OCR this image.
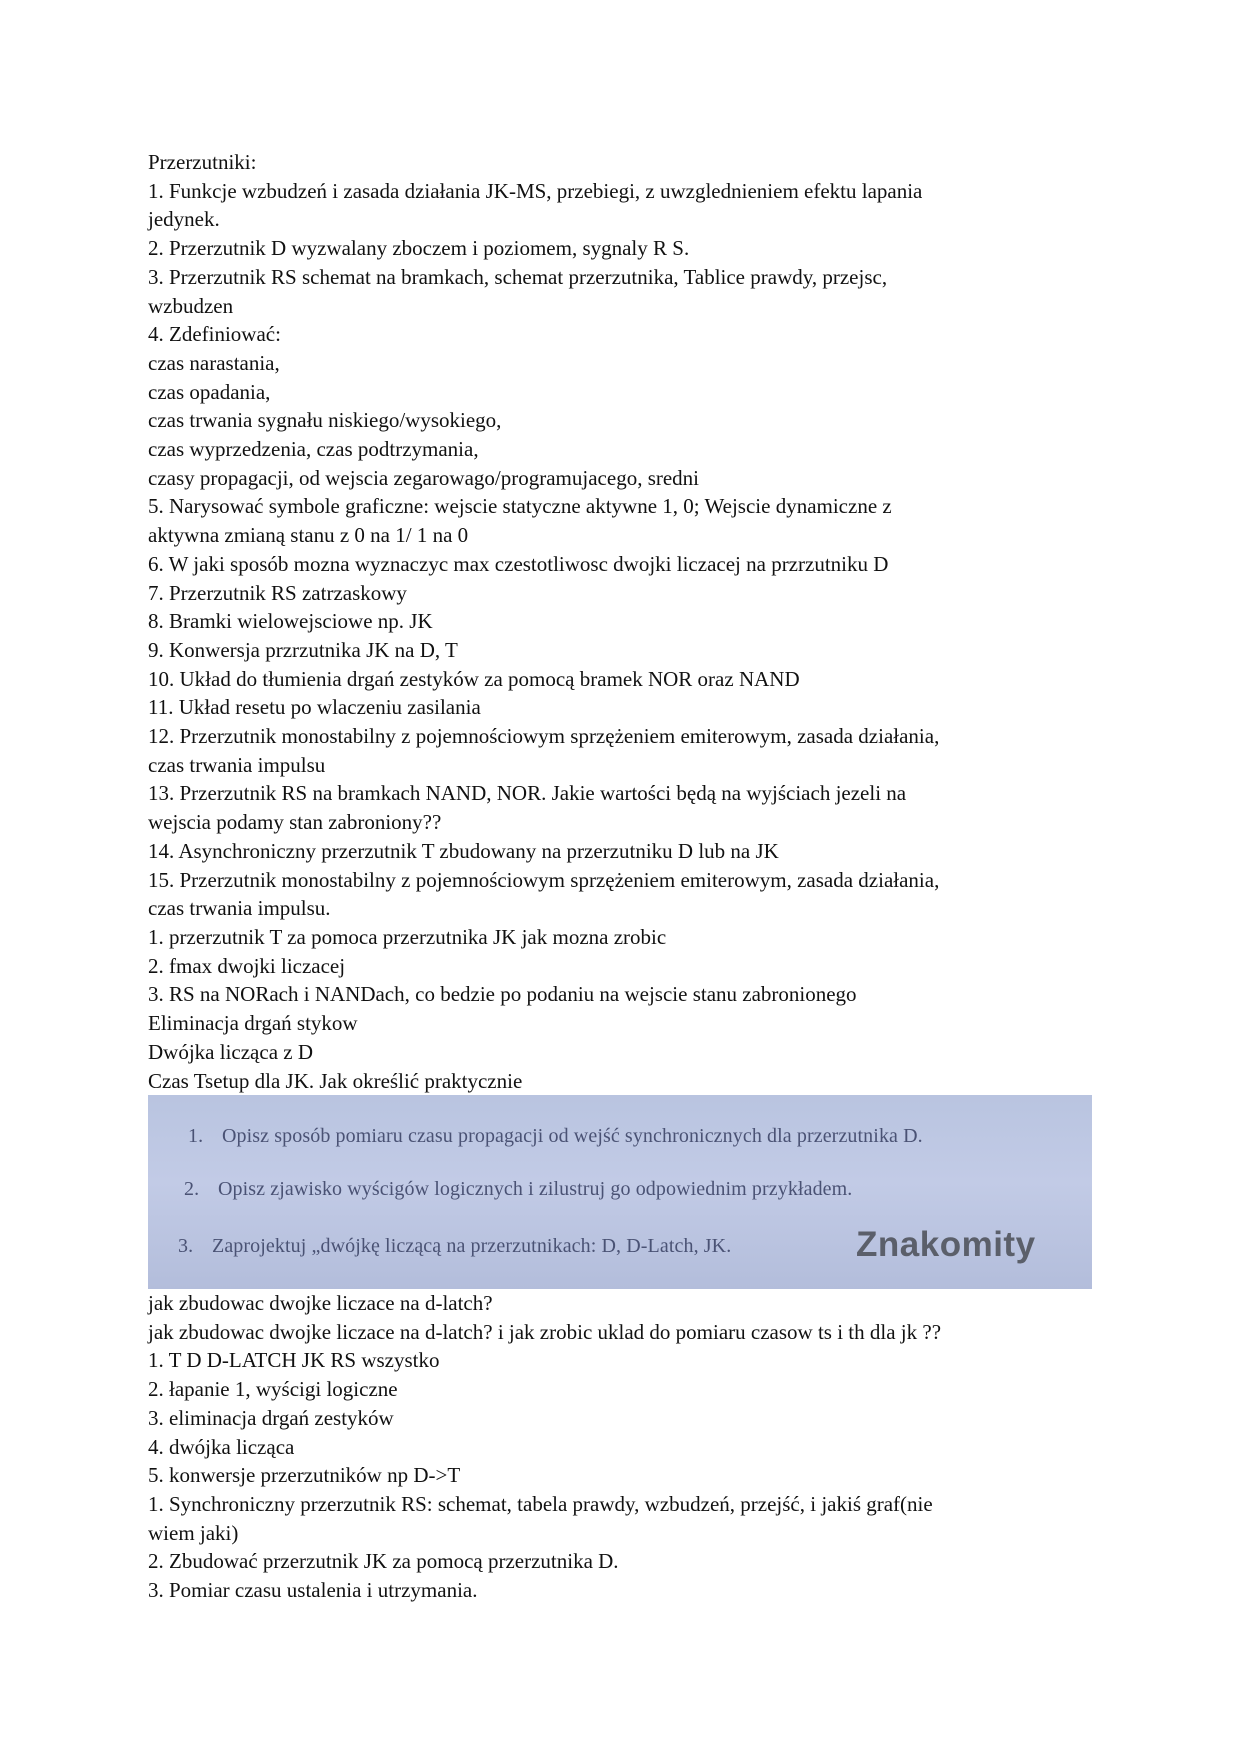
Przerzutniki:
1. Funkcje wzbudzeń i zasada działania JK-MS, przebiegi, z uwzglednieniem efektu lapania
jedynek.
2. Przerzutnik D wyzwalany zboczem i poziomem, sygnaly R S.
3. Przerzutnik RS schemat na bramkach, schemat przerzutnika, Tablice prawdy, przejsc,
wzbudzen
4. Zdefiniować:
czas narastania,
czas opadania,
czas trwania sygnału niskiego/wysokiego,
czas wyprzedzenia, czas podtrzymania,
czasy propagacji, od wejscia zegarowago/programujacego, sredni
5. Narysować symbole graficzne: wejscie statyczne aktywne 1, 0; Wejscie dynamiczne z
aktywna zmianą stanu z 0 na 1/ 1 na 0
6. W jaki sposób mozna wyznaczyc max czestotliwosc dwojki liczacej na przrzutniku D
7. Przerzutnik RS zatrzaskowy
8. Bramki wielowejsciowe np. JK
9. Konwersja przrzutnika JK na D, T
10. Układ do tłumienia drgań zestyków za pomocą bramek NOR oraz NAND
11. Układ resetu po wlaczeniu zasilania
12. Przerzutnik monostabilny z pojemnościowym sprzężeniem emiterowym, zasada działania,
czas trwania impulsu
13. Przerzutnik RS na bramkach NAND, NOR. Jakie wartości będą na wyjściach jezeli na
wejscia podamy stan zabroniony??
14. Asynchroniczny przerzutnik T zbudowany na przerzutniku D lub na JK
15. Przerzutnik monostabilny z pojemnościowym sprzężeniem emiterowym, zasada działania,
czas trwania impulsu.
1. przerzutnik T za pomoca przerzutnika JK jak mozna zrobic
2. fmax dwojki liczacej
3. RS na NORach i NANDach, co bedzie po podaniu na wejscie stanu zabronionego
Eliminacja drgań stykow
Dwójka licząca z D
Czas Tsetup dla JK. Jak określić praktycznie
1. Opisz sposób pomiaru czasu propagacji od wejść synchronicznych dla przerzutnika D.
2. Opisz zjawisko wyścigów logicznych i zilustruj go odpowiednim przykładem.
3. Zaprojektuj „dwójkę liczącą na przerzutnikach: D, D-Latch, JK.	Znakomity
jak zbudowac dwojke liczace na d-latch?
jak zbudowac dwojke liczace na d-latch? i jak zrobic uklad do pomiaru czasow ts i th dla jk ??
1. T D D-LATCH JK RS wszystko
2. łapanie 1, wyścigi logiczne
3. eliminacja drgań zestyków
4. dwójka licząca
5. konwersje przerzutników np D->T
1. Synchroniczny przerzutnik RS: schemat, tabela prawdy, wzbudzeń, przejść, i jakiś graf(nie
wiem jaki)
2. Zbudować przerzutnik JK za pomocą przerzutnika D.
3. Pomiar czasu ustalenia i utrzymania.
